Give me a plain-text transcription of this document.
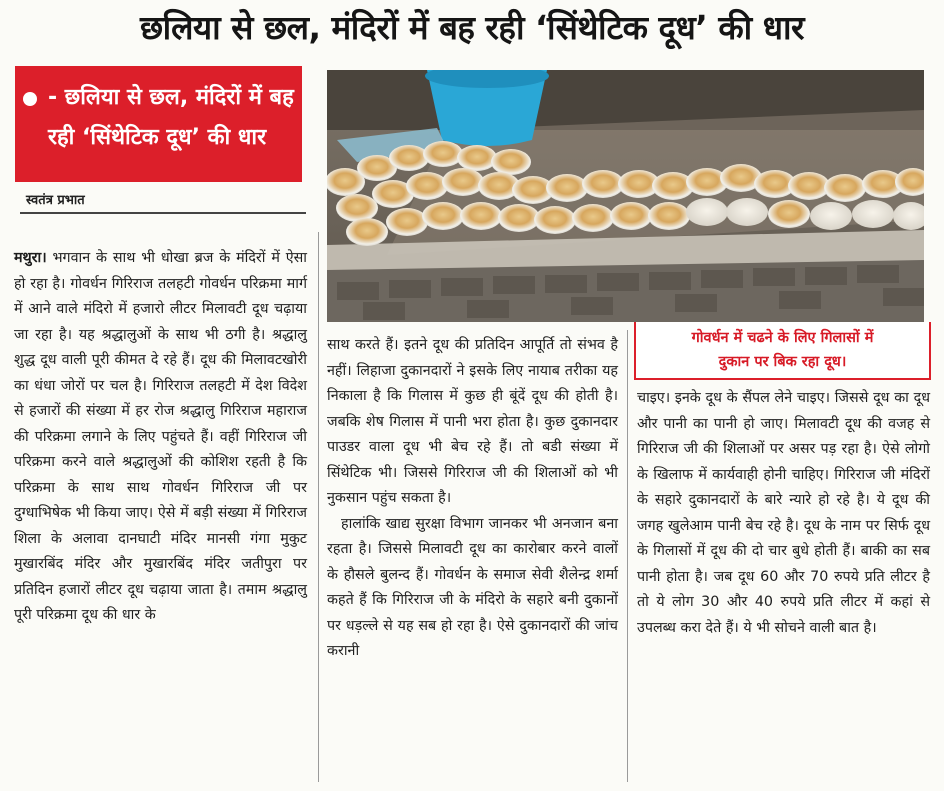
छलिया से छल, मंदिरों में बह रही ‘सिंथेटिक दूध’ की धार
- छलिया से छल, मंदिरों में बह
रही ‘सिंथेटिक दूध’ की धार
स्वतंत्र प्रभात
गोवर्धन में चढने के लिए गिलासों में
दुकान पर बिक रहा दूध।

मथुरा। भगवान के साथ भी धोखा ब्रज के मंदिरों में ऐसा हो रहा है। गोवर्धन गिरिराज तलहटी गोवर्धन परिक्रमा मार्ग में आने वाले मंदिरो में हजारो लीटर मिलावटी दूध चढ़ाया जा रहा है। यह श्रद्धालुओं के साथ भी ठगी है। श्रद्धालु शुद्ध दूध वाली पूरी कीमत दे रहे हैं। दूध की मिलावटखोरी का धंधा जोरों पर चल है। गिरिराज तलहटी में देश विदेश से हजारों की संख्या में हर रोज श्रद्धालु गिरिराज महाराज की परिक्रमा लगाने के लिए पहुंचते हैं। वहीं गिरिराज जी परिक्रमा करने वाले श्रद्धालुओं की कोशिश रहती है कि परिक्रमा के साथ साथ गोवर्धन गिरिराज जी पर दुग्धाभिषेक भी किया जाए। ऐसे में बड़ी संख्या में गिरिराज शिला के अलावा दानघाटी मंदिर मानसी गंगा मुकुट मुखारबिंद मंदिर और मुखारबिंद मंदिर जतीपुरा पर प्रतिदिन हजारों लीटर दूध चढ़ाया जाता है। तमाम श्रद्धालु पूरी परिक्रमा दूध की धार के

साथ करते हैं। इतने दूध की प्रतिदिन आपूर्ति तो संभव है नहीं। लिहाजा दुकानदारों ने इसके लिए नायाब तरीका यह निकाला है कि गिलास में कुछ ही बूंदें दूध की होती है। जबकि शेष गिलास में पानी भरा होता है। कुछ दुकानदार पाउडर वाला दूध भी बेच रहे हैं। तो बडी संख्या में सिंथेटिक भी। जिससे गिरिराज जी की शिलाओं को भी नुकसान पहुंच सकता है।

हालांकि खाद्य सुरक्षा विभाग जानकर भी अनजान बना रहता है। जिससे मिलावटी दूध का कारोबार करने वालों के हौसले बुलन्द हैं। गोवर्धन के समाज सेवी शैलेन्द्र शर्मा कहते हैं कि गिरिराज जी के मंदिरो के सहारे बनी दुकानों पर धड़ल्ले से यह सब हो रहा है। ऐसे दुकानदारों की जांच करानी

चाइए। इनके दूध के सैंपल लेने चाइए। जिससे दूध का दूध और पानी का पानी हो जाए। मिलावटी दूध की वजह से गिरिराज जी की शिलाओं पर असर पड़ रहा है। ऐसे लोगो के खिलाफ में कार्यवाही होनी चाहिए। गिरिराज जी मंदिरों के सहारे दुकानदारों के बारे न्यारे हो रहे है। ये दूध की जगह खुलेआम पानी बेच रहे है। दूध के नाम पर सिर्फ दूध के गिलासों में दूध की दो चार बुधे होती हैं। बाकी का सब पानी होता है। जब दूध 60 और 70 रुपये प्रति लीटर है तो ये लोग 30 और 40 रुपये प्रति लीटर में कहां से उपलब्ध करा देते हैं। ये भी सोचने वाली बात है।
